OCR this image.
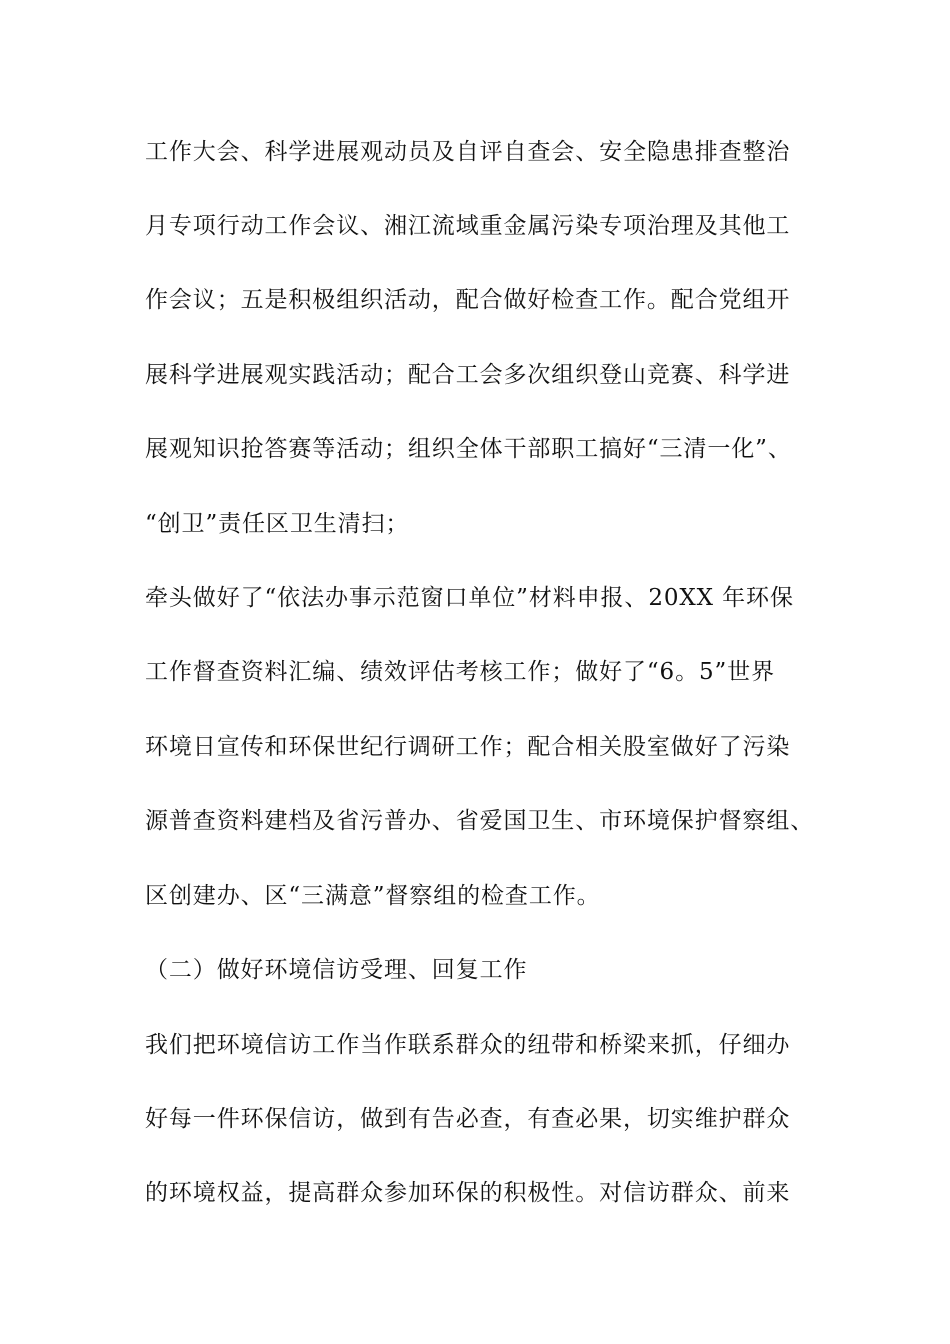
工作大会、科学进展观动员及自评自查会、安全隐患排查整治

月专项行动工作会议、湘江流域重金属污染专项治理及其他工

作会议；五是积极组织活动，配合做好检查工作。配合党组开

展科学进展观实践活动；配合工会多次组织登山竞赛、科学进

展观知识抢答赛等活动；组织全体干部职工搞好“三清一化”、

“创卫”责任区卫生清扫；

牵头做好了“依法办事示范窗口单位”材料申报、20XX 年环保

工作督查资料汇编、绩效评估考核工作；做好了“6。5”世界

环境日宣传和环保世纪行调研工作；配合相关股室做好了污染

源普查资料建档及省污普办、省爱国卫生、市环境保护督察组、

区创建办、区“三满意”督察组的检查工作。

（二）做好环境信访受理、回复工作

我们把环境信访工作当作联系群众的纽带和桥梁来抓，仔细办

好每一件环保信访，做到有告必查，有查必果，切实维护群众

的环境权益，提高群众参加环保的积极性。对信访群众、前来
